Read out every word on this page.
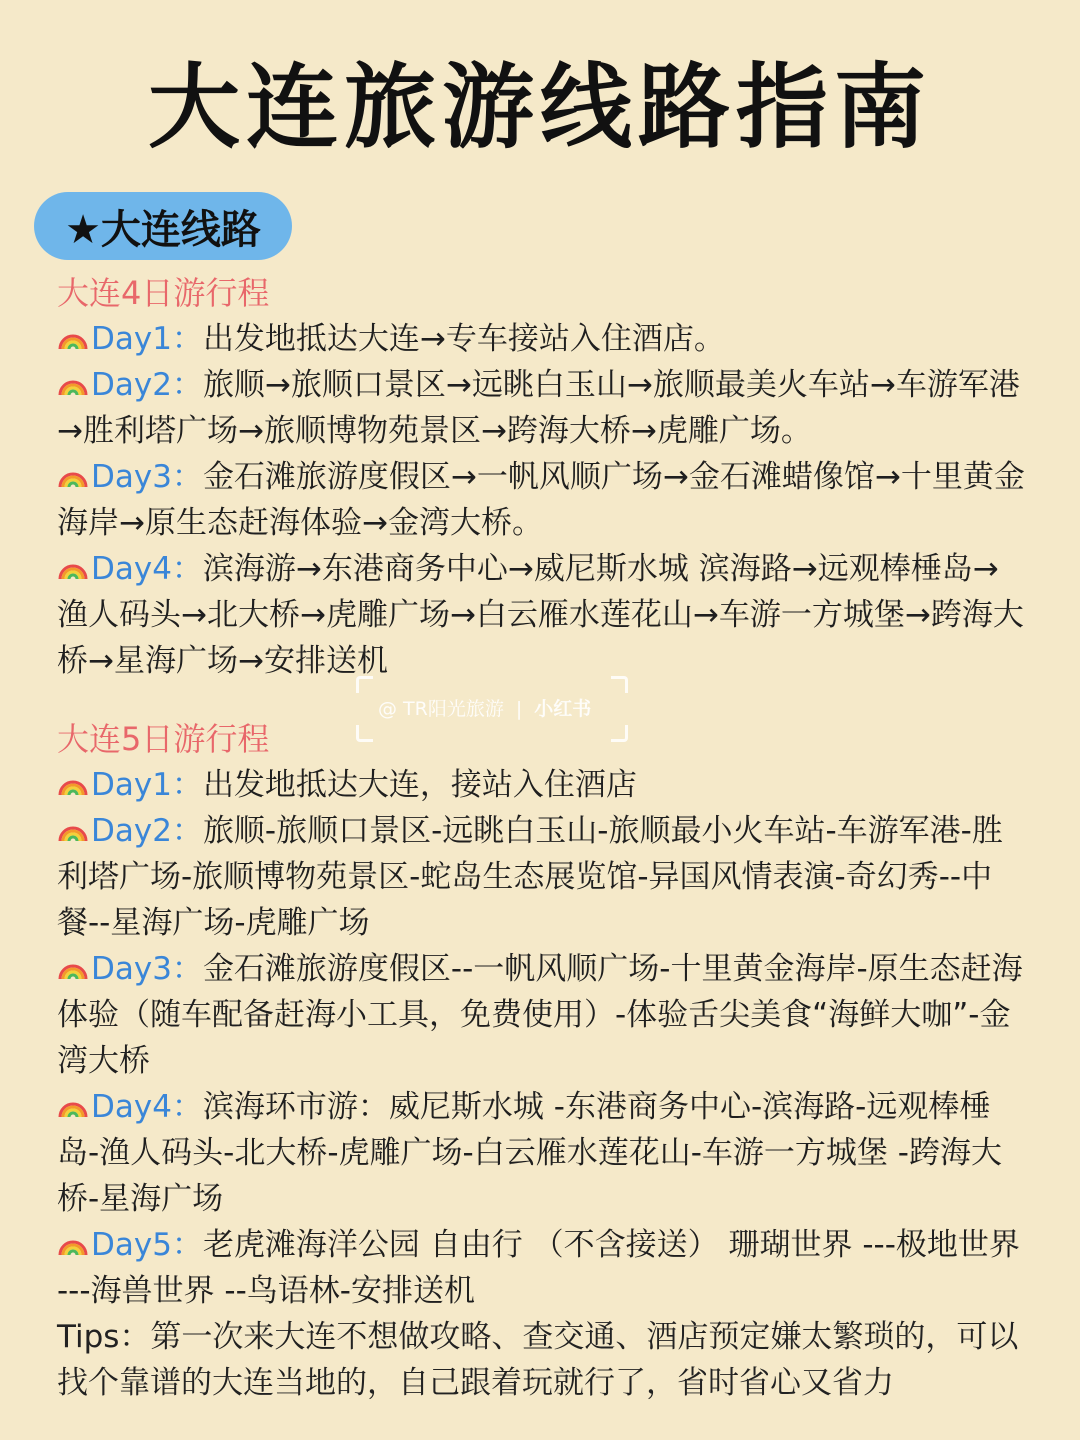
大连旅游线路指南
★大连线路
大连4日游行程
Day1：出发地抵达大连→专车接站入住酒店。
Day2：旅顺→旅顺口景区→远眺白玉山→旅顺最美火车站→车游军港→胜利塔广场→旅顺博物苑景区→跨海大桥→虎雕广场。
Day3：金石滩旅游度假区→一帆风顺广场→金石滩蜡像馆→十里黄金海岸→原生态赶海体验→金湾大桥。
Day4：滨海游→东港商务中心→威尼斯水城 滨海路→远观棒棰岛→渔人码头→北大桥→虎雕广场→白云雁水莲花山→车游一方城堡→跨海大桥→星海广场→安排送机
大连5日游行程
Day1：出发地抵达大连，接站入住酒店
Day2：旅顺-旅顺口景区-远眺白玉山-旅顺最小火车站-车游军港-胜利塔广场-旅顺博物苑景区-蛇岛生态展览馆-异国风情表演-奇幻秀--中餐--星海广场-虎雕广场
Day3：金石滩旅游度假区--一帆风顺广场-十里黄金海岸-原生态赶海体验（随车配备赶海小工具，免费使用）-体验舌尖美食“海鲜大咖”-金湾大桥
Day4：滨海环市游：威尼斯水城 -东港商务中心-滨海路-远观棒棰岛-渔人码头-北大桥-虎雕广场-白云雁水莲花山-车游一方城堡 -跨海大桥-星海广场
Day5：老虎滩海洋公园 自由行 （不含接送） 珊瑚世界 ---极地世界 ---海兽世界 --鸟语林-安排送机
Tips：第一次来大连不想做攻略、查交通、酒店预定嫌太繁琐的，可以找个靠谱的大连当地的，自己跟着玩就行了，省时省心又省力
@ TR阳光旅游 | 小红书
